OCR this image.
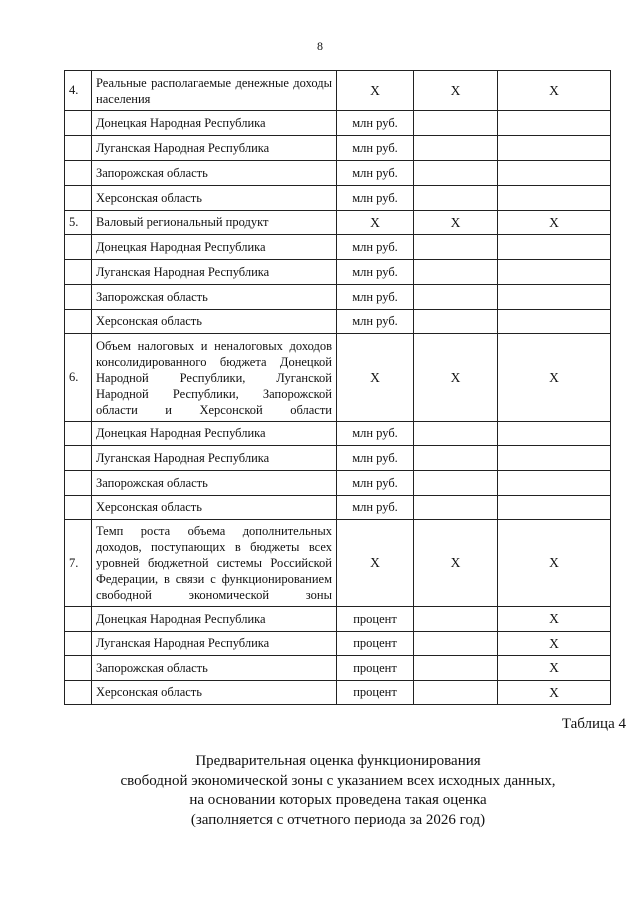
8
4.	Реальные располагаемые денежные доходы населения	X	X	X
	Донецкая Народная Республика	млн руб.		
	Луганская Народная Республика	млн руб.		
	Запорожская область	млн руб.		
	Херсонская область	млн руб.		
5.	Валовый региональный продукт	X	X	X
	Донецкая Народная Республика	млн руб.		
	Луганская Народная Республика	млн руб.		
	Запорожская область	млн руб.		
	Херсонская область	млн руб.		
6.	Объем налоговых и неналоговых доходов консолидированного бюджета Донецкой Народной Республики, Луганской Народной Республики, Запорожской области и Херсонской области	X	X	X
	Донецкая Народная Республика	млн руб.		
	Луганская Народная Республика	млн руб.		
	Запорожская область	млн руб.		
	Херсонская область	млн руб.		
7.	Темп роста объема дополнительных доходов, поступающих в бюджеты всех уровней бюджетной системы Российской Федерации, в связи с функционированием свободной экономической зоны	X	X	X
	Донецкая Народная Республика	процент		X
	Луганская Народная Республика	процент		X
	Запорожская область	процент		X
	Херсонская область	процент		X
Таблица 4
Предварительная оценка функционирования
свободной экономической зоны с указанием всех исходных данных,
на основании которых проведена такая оценка
(заполняется с отчетного периода за 2026 год)
